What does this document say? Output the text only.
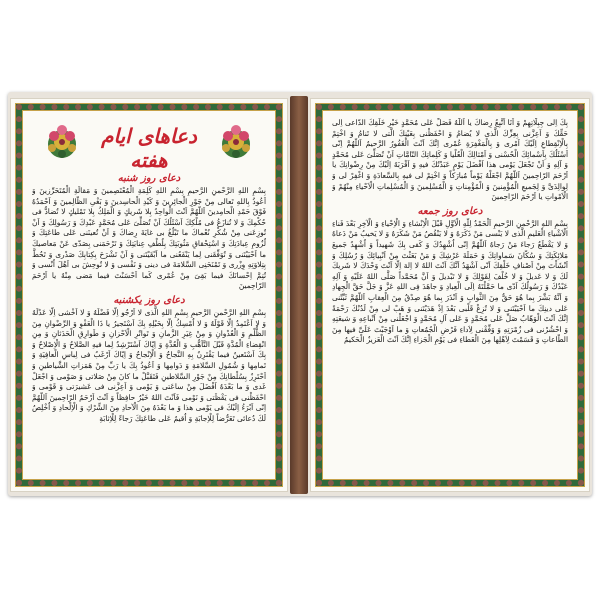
دعاهای ایام هفته
دعای روز شنبه

بِسْمِ اللهِ الرَّحْمنِ الرَّحیمِ بِسْمِ اللهِ كَلِمَةِ الْمُعْتَصِمینَ وَ مَقالَةِ الْمُتَحَرِّزینَ وَ اَعُوذُ بِاللهِ تَعالى مِنْ جَوْرِ الْجائِرینَ وَ كَیْدِ الْحاسِدینَ وَ بَغْیِ الظّالِمینَ وَ اَحْمَدُهُ فَوْقَ حَمْدِ الْحامِدینَ اَللّهُمَّ اَنْتَ الْواحِدُ بِلا شَریكٍ وَ الْمَلِكُ بِلا تَمْلیكٍ لا تُضادُّ فی حُكْمِكَ وَ لا تُنازَعُ فی مُلْكِكَ اَسْئَلُكَ اَنْ تُصَلِّیَ عَلى مُحَمَّدٍ عَبْدِكَ وَ رَسُولِكَ وَ اَنْ تُوزِعَنی مِنْ شُكْرِ نُعْماكَ ما تَبْلُغُ بی غایَةَ رِضاكَ وَ اَنْ تُعینَنی عَلى طاعَتِكَ وَ لُزُومِ عِبادَتِكَ وَ اسْتِحْقاقِ مَثُوبَتِكَ بِلُطْفِ عِنایَتِكَ وَ تَرْحَمَنی بِصَدّی عَنْ مَعاصیكَ ما اَحْیَیْتَنی وَ تُوَفِّقَنی لِما یَنْفَعُنی ما اَبْقَیْتَنی وَ اَنْ تَشْرَحَ بِكِتابِكَ صَدْری وَ تَحُطَّ بِتِلاوَتِهِ وِزْری وَ تَمْنَحَنِی السَّلامَةَ فی دینی وَ نَفْسی وَ لا تُوحِشَ بی اَهْلَ اُنْسی وَ تُتِمَّ اِحْسانَكَ فیما بَقِیَ مِنْ عُمْری كَما اَحْسَنْتَ فیما مَضى مِنْهُ یا اَرْحَمَ الرّاحِمینَ

دعای روز یکشنبه

بِسْمِ اللهِ الرَّحْمنِ الرَّحیمِ بِسْمِ اللهِ الَّذی لا اَرْجُو اِلّا فَضْلَهُ وَ لا اَخْشى اِلّا عَدْلَهُ وَ لا اَعْتَمِدُ اِلّا قَوْلَهُ وَ لا اُمْسِكُ اِلّا بِحَبْلِهِ بِكَ اَسْتَجیرُ یا ذَا الْعَفْوِ وَ الرِّضْوانِ مِنَ الظُّلْمِ وَ الْعُدْوانِ وَ مِنْ غِیَرِ الزَّمانِ وَ تَواتُرِ الْاَحْزانِ وَ طَوارِقِ الْحَدَثانِ وَ مِنِ انْقِضاءِ الْمُدَّةِ قَبْلَ التَّاَهُّبِ وَ الْعُدَّةِ وَ اِیّاكَ اَسْتَرْشِدُ لِما فیهِ الصَّلاحُ وَ الْاِصْلاحُ وَ بِكَ اَسْتَعینُ فیما یَقْتَرِنُ بِهِ النَّجاحُ وَ الْاِنْجاحُ وَ اِیّاكَ اَرْغَبُ فی لِباسِ الْعافِیَةِ وَ تَمامِها وَ شُمُولِ السَّلامَةِ وَ دَوامِها وَ اَعُوذُ بِكَ یا رَبِّ مِنْ هَمَزاتِ الشَّیاطینِ وَ اَحْتَرِزُ بِسُلْطانِكَ مِنْ جَوْرِ السَّلاطینِ فَتَقَبَّلْ ما كانَ مِنْ صَلاتی وَ صَوْمی وَ اجْعَلْ غَدی وَ ما بَعْدَهُ اَفْضَلَ مِنْ ساعَتی وَ یَوْمی وَ اَعِزَّنی فی عَشیرَتی وَ قَوْمی وَ احْفَظْنی فی یَقْظَتی وَ نَوْمی فَاَنْتَ اللهُ خَیْرٌ حافِظاً وَ اَنْتَ اَرْحَمُ الرّاحِمینَ اَللّهُمَّ اِنّی اَبْرَءُ اِلَیْكَ فی یَوْمی هذا وَ ما بَعْدَهُ مِنَ الْآحادِ مِنَ الشِّرْكِ وَ الْاِلْحادِ وَ اُخْلِصُ لَكَ دُعائی تَعَرُّضاً لِلْاِجابَةِ وَ اُقیمُ عَلى طاعَتِكَ رَجاءً لِلْاِثابَةِ

بِكَ اِلى جِبِلّاتِهِمْ وَ اَنَا اَتَّبِعُ رِضاكَ یا اَللّهُ فَصَلِّ عَلى مُحَمَّدٍ خَیْرِ خَلْقِكَ الدّاعی اِلى حَقِّكَ وَ اَعِزَّنی بِعِزِّكَ الَّذی لا یُضامُ وَ احْفَظْنی بِعَیْنِكَ الَّتی لا تَنامُ وَ اخْتِمْ بِالْاِنْقِطاعِ اِلَیْكَ اَمْری وَ بِالْمَغْفِرَةِ عُمْری اِنَّكَ اَنْتَ الْغَفُورُ الرَّحیمُ اَللّهُمَّ اِنّی اَسْئَلُكَ بِاَسْمائِكَ الْحُسْنى وَ اَمْثالِكَ الْعُلْیا وَ كَلِماتِكَ التّامَّاتِ اَنْ تُصَلِّیَ عَلى مُحَمَّدٍ وَ آلِهِ وَ اَنْ تَجْعَلَ یَوْمی هذا اَفْضَلَ یَوْمٍ عَبَدْتُكَ فیهِ وَ اَقْرَبَهُ اِلَیْكَ مِنْ رِضْوانِكَ یا اَرْحَمَ الرّاحِمینَ اَللّهُمَّ اجْعَلْهُ یَوْماً مُبارَكاً وَ اخْتِمْ لی فیهِ بِالسَّعادَةِ وَ اغْفِرْ لی وَ لِوالِدَیَّ وَ لِجَمیعِ الْمُؤْمِنینَ وَ الْمُؤْمِناتِ وَ الْمُسْلِمینَ وَ الْمُسْلِماتِ الْاَحْیاءِ مِنْهُمْ وَ الْاَمْواتِ یا اَرْحَمَ الرّاحِمینَ

دعای روز جمعه

بِسْمِ اللهِ الرَّحْمنِ الرَّحیمِ اَلْحَمْدُ لِلّهِ الْاَوَّلِ قَبْلَ الْاِنْشاءِ وَ الْاِحْیاءِ وَ الْآخِرِ بَعْدَ فَناءِ الْاَشْیاءِ الْعَلیمِ الَّذی لا یَنْسى مَنْ ذَكَرَهُ وَ لا یَنْقُصُ مَنْ شَكَرَهُ وَ لا یَخیبُ مَنْ دَعاهُ وَ لا یَقْطَعُ رَجاءَ مَنْ رَجاهُ اَللّهُمَّ اِنّی اُشْهِدُكَ وَ كَفى بِكَ شَهیداً وَ اُشْهِدُ جَمیعَ مَلائِكَتِكَ وَ سُكّانَ سَماواتِكَ وَ حَمَلَةَ عَرْشِكَ وَ مَنْ بَعَثْتَ مِنْ اَنْبِیائِكَ وَ رُسُلِكَ وَ اَنْشَاْتَ مِنْ اَصْنافِ خَلْقِكَ اَنّی اَشْهَدُ اَنَّكَ اَنْتَ اللهُ لا اِلهَ اِلّا اَنْتَ وَحْدَكَ لا شَریكَ لَكَ وَ لا عَدیلَ وَ لا خُلْفَ لِقَوْلِكَ وَ لا تَبْدیلَ وَ اَنَّ مُحَمَّداً صَلَّى اللهُ عَلَیْهِ وَ آلِهِ عَبْدُكَ وَ رَسُولُكَ اَدّى ما حَمَّلْتَهُ اِلَى الْعِبادِ وَ جاهَدَ فِی اللهِ عَزَّ وَ جَلَّ حَقَّ الْجِهادِ وَ اَنَّهُ بَشَّرَ بِما هُوَ حَقٌّ مِنَ الثَّوابِ وَ اَنْذَرَ بِما هُوَ صِدْقٌ مِنَ الْعِقابِ اَللّهُمَّ ثَبِّتْنی عَلى دینِكَ ما اَحْیَیْتَنی وَ لا تُزِغْ قَلْبی بَعْدَ اِذْ هَدَیْتَنی وَ هَبْ لی مِنْ لَدُنْكَ رَحْمَةً اِنَّكَ اَنْتَ الْوَهّابُ صَلِّ عَلى مُحَمَّدٍ وَ عَلى آلِ مُحَمَّدٍ وَ اجْعَلْنی مِنْ اَتْباعِهِ وَ شیعَتِهِ وَ احْشُرْنی فی زُمْرَتِهِ وَ وَفِّقْنی لِاَداءِ فَرْضِ الْجُمُعاتِ وَ ما اَوْجَبْتَ عَلَیَّ فیها مِنَ الطّاعاتِ وَ قَسَمْتَ لِاَهْلِها مِنَ الْعَطاءِ فی یَوْمِ الْجَزاءِ اِنَّكَ اَنْتَ الْعَزیزُ الْحَكیمُ
